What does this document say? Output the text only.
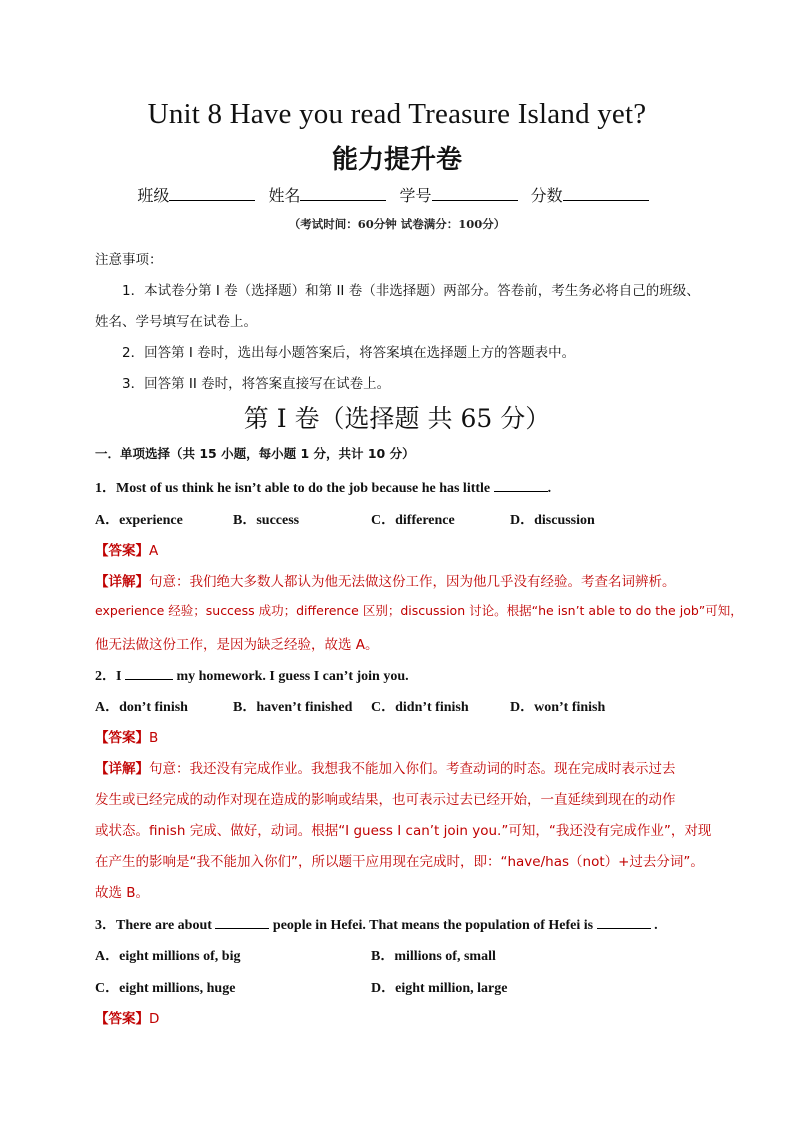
Unit 8 Have you read Treasure Island yet?
能力提升卷
班级	姓名	学号	分数
（考试时间：60分钟 试卷满分：100分）
注意事项：
1．本试卷分第 I 卷（选择题）和第 II 卷（非选择题）两部分。答卷前，考生务必将自己的班级、
姓名、学号填写在试卷上。
2．回答第 I 卷时，选出每小题答案后，将答案填在选择题上方的答题表中。
3．回答第 II 卷时，将答案直接写在试卷上。
第 I 卷（选择题 共 65 分）
一．单项选择（共 15 小题，每小题 1 分，共计 10 分）
1．Most of us think he isn’t able to do the job because he has little	.
A．experience	B．success	C．difference	D．discussion
【答案】A
【详解】句意：我们绝大多数人都认为他无法做这份工作，因为他几乎没有经验。考查名词辨析。
experience 经验；success 成功；difference 区别；discussion 讨论。根据“he isn’t able to do the job”可知，
他无法做这份工作，是因为缺乏经验，故选 A。
2．I	my homework. I guess I can’t join you.
A．don’t finish	B．haven’t finished C．didn’t finish	D．won’t finish
【答案】B
【详解】句意：我还没有完成作业。我想我不能加入你们。考查动词的时态。现在完成时表示过去
发生或已经完成的动作对现在造成的影响或结果，也可表示过去已经开始，一直延续到现在的动作
或状态。finish 完成、做好，动词。根据“I guess I can’t join you.”可知，“我还没有完成作业”，对现
在产生的影响是“我不能加入你们”，所以题干应用现在完成时，即：“have/has（not）+过去分词”。
故选 B。
3．There are about	people in Hefei. That means the population of Hefei is	.
A．eight millions of, big	B．millions of, small
C．eight millions, huge	D．eight million, large
【答案】D
